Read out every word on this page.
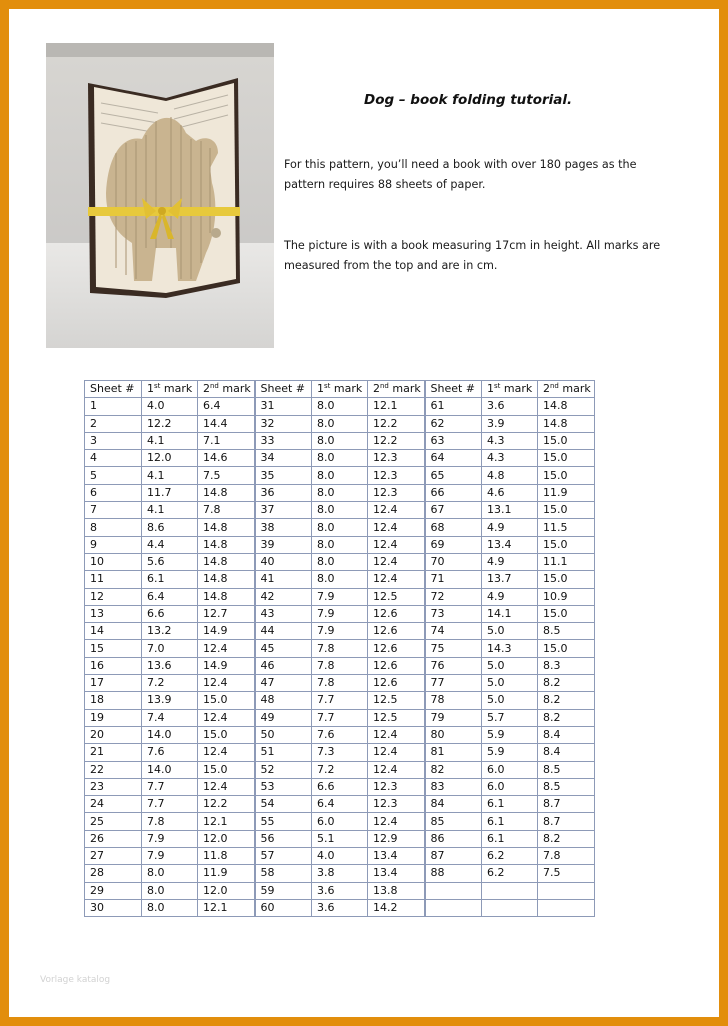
Dog – book folding tutorial.
For this pattern, you’ll need a book with over 180 pages as the pattern requires 88 sheets of paper.
The picture is with a book measuring 17cm in height. All marks are measured from the top and are in cm.
Sheet #	1st mark	2nd mark	Sheet #	1st mark	2nd mark	Sheet #	1st mark	2nd mark
1	4.0	6.4	31	8.0	12.1	61	3.6	14.8
2	12.2	14.4	32	8.0	12.2	62	3.9	14.8
3	4.1	7.1	33	8.0	12.2	63	4.3	15.0
4	12.0	14.6	34	8.0	12.3	64	4.3	15.0
5	4.1	7.5	35	8.0	12.3	65	4.8	15.0
6	11.7	14.8	36	8.0	12.3	66	4.6	11.9
7	4.1	7.8	37	8.0	12.4	67	13.1	15.0
8	8.6	14.8	38	8.0	12.4	68	4.9	11.5
9	4.4	14.8	39	8.0	12.4	69	13.4	15.0
10	5.6	14.8	40	8.0	12.4	70	4.9	11.1
11	6.1	14.8	41	8.0	12.4	71	13.7	15.0
12	6.4	14.8	42	7.9	12.5	72	4.9	10.9
13	6.6	12.7	43	7.9	12.6	73	14.1	15.0
14	13.2	14.9	44	7.9	12.6	74	5.0	8.5
15	7.0	12.4	45	7.8	12.6	75	14.3	15.0
16	13.6	14.9	46	7.8	12.6	76	5.0	8.3
17	7.2	12.4	47	7.8	12.6	77	5.0	8.2
18	13.9	15.0	48	7.7	12.5	78	5.0	8.2
19	7.4	12.4	49	7.7	12.5	79	5.7	8.2
20	14.0	15.0	50	7.6	12.4	80	5.9	8.4
21	7.6	12.4	51	7.3	12.4	81	5.9	8.4
22	14.0	15.0	52	7.2	12.4	82	6.0	8.5
23	7.7	12.4	53	6.6	12.3	83	6.0	8.5
24	7.7	12.2	54	6.4	12.3	84	6.1	8.7
25	7.8	12.1	55	6.0	12.4	85	6.1	8.7
26	7.9	12.0	56	5.1	12.9	86	6.1	8.2
27	7.9	11.8	57	4.0	13.4	87	6.2	7.8
28	8.0	11.9	58	3.8	13.4	88	6.2	7.5
29	8.0	12.0	59	3.6	13.8			
30	8.0	12.1	60	3.6	14.2			
Vorlage katalog
